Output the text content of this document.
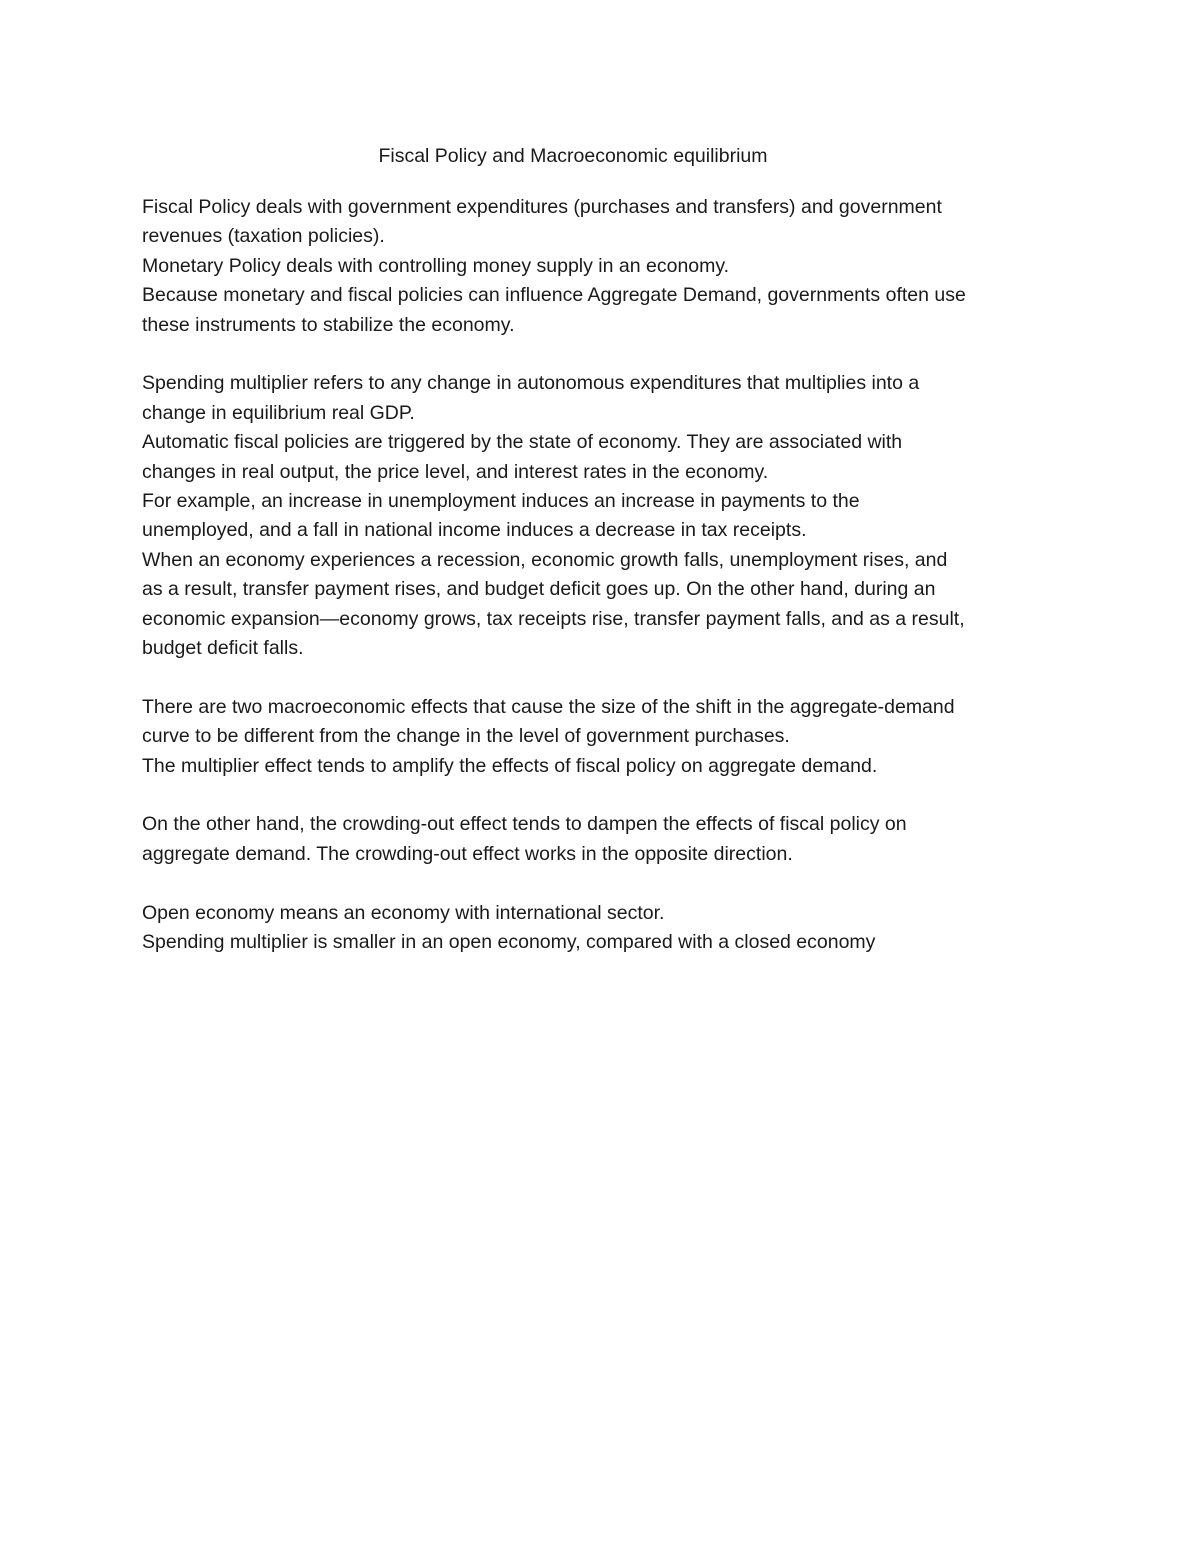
Fiscal Policy and Macroeconomic equilibrium

Fiscal Policy deals with government expenditures (purchases and transfers) and government

revenues (taxation policies).

Monetary Policy deals with controlling money supply in an economy.

Because monetary and fiscal policies can influence Aggregate Demand, governments often use

these instruments to stabilize the economy.

Spending multiplier refers to any change in autonomous expenditures that multiplies into a

change in equilibrium real GDP.

Automatic fiscal policies are triggered by the state of economy. They are associated with

changes in real output, the price level, and interest rates in the economy.

For example, an increase in unemployment induces an increase in payments to the

unemployed, and a fall in national income induces a decrease in tax receipts.

When an economy experiences a recession, economic growth falls, unemployment rises, and

as a result, transfer payment rises, and budget deficit goes up. On the other hand, during an

economic expansion—economy grows, tax receipts rise, transfer payment falls, and as a result,

budget deficit falls.

There are two macroeconomic effects that cause the size of the shift in the aggregate-demand

curve to be different from the change in the level of government purchases.

The multiplier effect tends to amplify the effects of fiscal policy on aggregate demand.

On the other hand, the crowding-out effect tends to dampen the effects of fiscal policy on

aggregate demand. The crowding-out effect works in the opposite direction.

Open economy means an economy with international sector.

Spending multiplier is smaller in an open economy, compared with a closed economy
